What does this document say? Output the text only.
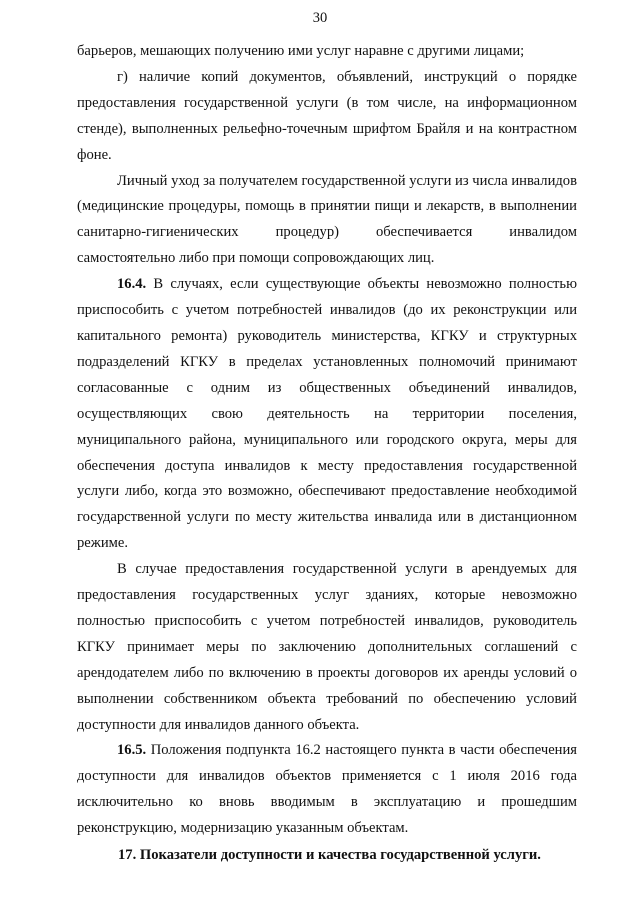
30

барьеров, мешающих получению ими услуг наравне с другими лицами;

г) наличие копий документов, объявлений, инструкций о порядке предоставления государственной услуги (в том числе, на информационном стенде), выполненных рельефно-точечным шрифтом Брайля и на контрастном фоне.

Личный уход за получателем государственной услуги из числа инвалидов (медицинские процедуры, помощь в принятии пищи и лекарств, в выполнении санитарно-гигиенических процедур) обеспечивается инвалидом самостоятельно либо при помощи сопровождающих лиц.

16.4. В случаях, если существующие объекты невозможно полностью приспособить с учетом потребностей инвалидов (до их реконструкции или капитального ремонта) руководитель министерства, КГКУ и структурных подразделений КГКУ в пределах установленных полномочий принимают согласованные с одним из общественных объединений инвалидов, осуществляющих свою деятельность на территории поселения, муниципального района, муниципального или городского округа, меры для обеспечения доступа инвалидов к месту предоставления государственной услуги либо, когда это возможно, обеспечивают предоставление необходимой государственной услуги по месту жительства инвалида или в дистанционном режиме.

В случае предоставления государственной услуги в арендуемых для предоставления государственных услуг зданиях, которые невозможно полностью приспособить с учетом потребностей инвалидов, руководитель КГКУ принимает меры по заключению дополнительных соглашений с арендодателем либо по включению в проекты договоров их аренды условий о выполнении собственником объекта требований по обеспечению условий доступности для инвалидов данного объекта.

16.5. Положения подпункта 16.2 настоящего пункта в части обеспечения доступности для инвалидов объектов применяется с 1 июля 2016 года исключительно ко вновь вводимым в эксплуатацию и прошедшим реконструкцию, модернизацию указанным объектам.

17. Показатели доступности и качества государственной услуги.
